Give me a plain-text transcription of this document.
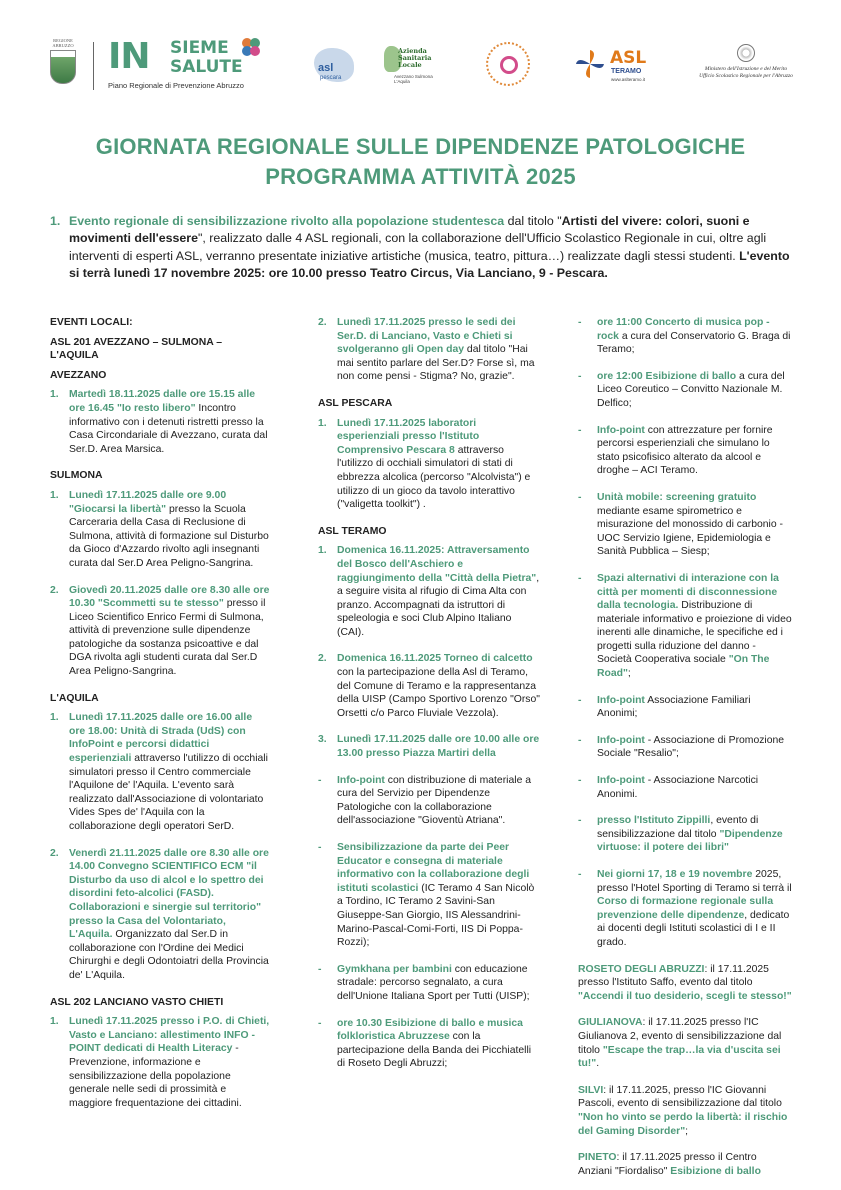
REGIONE ABRUZZO IN SIEME
SALUTE
Piano Regionale di Prevenzione Abruzzo
asl
pescara
Azienda
Sanitaria
Locale
Avezzano Sulmona L'Aquila
ASL
TERAMO
www.aslteramo.it
Ministero dell'Istruzione e del Merito
Ufficio Scolastico Regionale per l'Abruzzo
GIORNATA REGIONALE SULLE DIPENDENZE PATOLOGICHE
PROGRAMMA ATTIVITÀ 2025
1. Evento regionale di sensibilizzazione rivolto alla popolazione studentesca dal titolo "Artisti del vivere: colori, suoni e movimenti dell'essere", realizzato dalle 4 ASL regionali, con la collaborazione dell'Ufficio Scolastico Regionale in cui, oltre agli interventi di esperti ASL, verranno presentate iniziative artistiche (musica, teatro, pittura…) realizzate dagli stessi studenti. L'evento si terrà lunedì 17 novembre 2025: ore 10.00 presso Teatro Circus, Via Lanciano, 9 - Pescara.
EVENTI LOCALI:
ASL 201 AVEZZANO – SULMONA – L'AQUILA
AVEZZANO
1. Martedì 18.11.2025 dalle ore 15.15 alle ore 16.45 "Io resto libero" Incontro informativo con i detenuti ristretti presso la Casa Circondariale di Avezzano, curata dal Ser.D. Area Marsica.
SULMONA
1. Lunedì 17.11.2025 dalle ore 9.00 "Giocarsi la libertà" presso la Scuola Carceraria della Casa di Reclusione di Sulmona, attività di formazione sul Disturbo da Gioco d'Azzardo rivolto agli insegnanti curata dal Ser.D Area Peligno-Sangrina.
2. Giovedì 20.11.2025 dalle ore 8.30 alle ore 10.30 "Scommetti su te stesso" presso il Liceo Scientifico Enrico Fermi di Sulmona, attività di prevenzione sulle dipendenze patologiche da sostanza psicoattive e dal DGA rivolta agli studenti curata dal Ser.D Area Peligno-Sangrina.
L'AQUILA
1. Lunedì 17.11.2025 dalle ore 16.00 alle ore 18.00: Unità di Strada (UdS) con InfoPoint e percorsi didattici esperienziali attraverso l'utilizzo di occhiali simulatori presso il Centro commerciale l'Aquilone de' l'Aquila. L'evento sarà realizzato dall'Associazione di volontariato Vides Spes de' l'Aquila con la collaborazione degli operatori SerD.
2. Venerdì 21.11.2025 dalle ore 8.30 alle ore 14.00 Convegno SCIENTIFICO ECM "il Disturbo da uso di alcol e lo spettro dei disordini feto-alcolici (FASD). Collaborazioni e sinergie sul territorio" presso la Casa del Volontariato, L'Aquila. Organizzato dal Ser.D in collaborazione con l'Ordine dei Medici Chirurghi e degli Odontoiatri della Provincia de' L'Aquila.
ASL 202 LANCIANO VASTO CHIETI
1. Lunedì 17.11.2025 presso i P.O. di Chieti, Vasto e Lanciano: allestimento INFO - POINT dedicati di Health Literacy - Prevenzione, informazione e sensibilizzazione della popolazione generale nelle sedi di prossimità e maggiore frequentazione dei cittadini.
2. Lunedì 17.11.2025 presso le sedi dei Ser.D. di Lanciano, Vasto e Chieti si svolgeranno gli Open day dal titolo "Hai mai sentito parlare del Ser.D? Forse sì, ma non come pensi - Stigma? No, grazie".
ASL PESCARA
1. Lunedì 17.11.2025 laboratori esperienziali presso l'Istituto Comprensivo Pescara 8 attraverso l'utilizzo di occhiali simulatori di stati di ebbrezza alcolica (percorso "Alcolvista") e utilizzo di un gioco da tavolo interattivo ("valigetta toolkit") .
ASL TERAMO
1. Domenica 16.11.2025: Attraversamento del Bosco dell'Aschiero e raggiungimento della "Città della Pietra", a seguire visita al rifugio di Cima Alta con pranzo. Accompagnati da istruttori di speleologia e soci Club Alpino Italiano (CAI).
2. Domenica 16.11.2025 Torneo di calcetto con la partecipazione della Asl di Teramo, del Comune di Teramo e la rappresentanza della UISP (Campo Sportivo Lorenzo "Orso" Orsetti c/o Parco Fluviale Vezzola).
3. Lunedì 17.11.2025 dalle ore 10.00 alle ore 13.00 presso Piazza Martiri della
- Info-point con distribuzione di materiale a cura del Servizio per Dipendenze Patologiche con la collaborazione dell'associazione "Gioventù Atriana".
- Sensibilizzazione da parte dei Peer Educator e consegna di materiale informativo con la collaborazione degli istituti scolastici (IC Teramo 4 San Nicolò a Tordino, IC Teramo 2 Savini-San Giuseppe-San Giorgio, IIS Alessandrini-Marino-Pascal-Comi-Forti, IIS Di Poppa-Rozzi);
- Gymkhana per bambini con educazione stradale: percorso segnalato, a cura dell'Unione Italiana Sport per Tutti (UISP);
- ore 10.30 Esibizione di ballo e musica folkloristica Abruzzese con la partecipazione della Banda dei Picchiatelli di Roseto Degli Abruzzi;
- ore 11:00 Concerto di musica pop - rock a cura del Conservatorio G. Braga di Teramo;
- ore 12:00 Esibizione di ballo a cura del Liceo Coreutico – Convitto Nazionale M. Delfico;
- Info-point con attrezzature per fornire percorsi esperienziali che simulano lo stato psicofisico alterato da alcool e droghe – ACI Teramo.
- Unità mobile: screening gratuito mediante esame spirometrico e misurazione del monossido di carbonio - UOC Servizio Igiene, Epidemiologia e Sanità Pubblica – Siesp;
- Spazi alternativi di interazione con la città per momenti di disconnessione dalla tecnologia. Distribuzione di materiale informativo e proiezione di video inerenti alle dinamiche, le specifiche ed i progetti sulla riduzione del danno - Società Cooperativa sociale "On The Road";
- Info-point Associazione Familiari Anonimi;
- Info-point - Associazione di Promozione Sociale "Resalio";
- Info-point - Associazione Narcotici Anonimi.
- presso l'Istituto Zippilli, evento di sensibilizzazione dal titolo "Dipendenze virtuose: il potere dei libri"
- Nei giorni 17, 18 e 19 novembre 2025, presso l'Hotel Sporting di Teramo si terrà il Corso di formazione regionale sulla prevenzione delle dipendenze, dedicato ai docenti degli Istituti scolastici di I e II grado.
ROSETO DEGLI ABRUZZI: il 17.11.2025 presso l'Istituto Saffo, evento dal titolo "Accendi il tuo desiderio, scegli te stesso!"
GIULIANOVA: il 17.11.2025 presso l'IC Giulianova 2, evento di sensibilizzazione dal titolo "Escape the trap…la via d'uscita sei tu!".
SILVI: il 17.11.2025, presso l'IC Giovanni Pascoli, evento di sensibilizzazione dal titolo "Non ho vinto se perdo la libertà: il rischio del Gaming Disorder";
PINETO: il 17.11.2025 presso il Centro Anziani "Fiordaliso" Esibizione di ballo
